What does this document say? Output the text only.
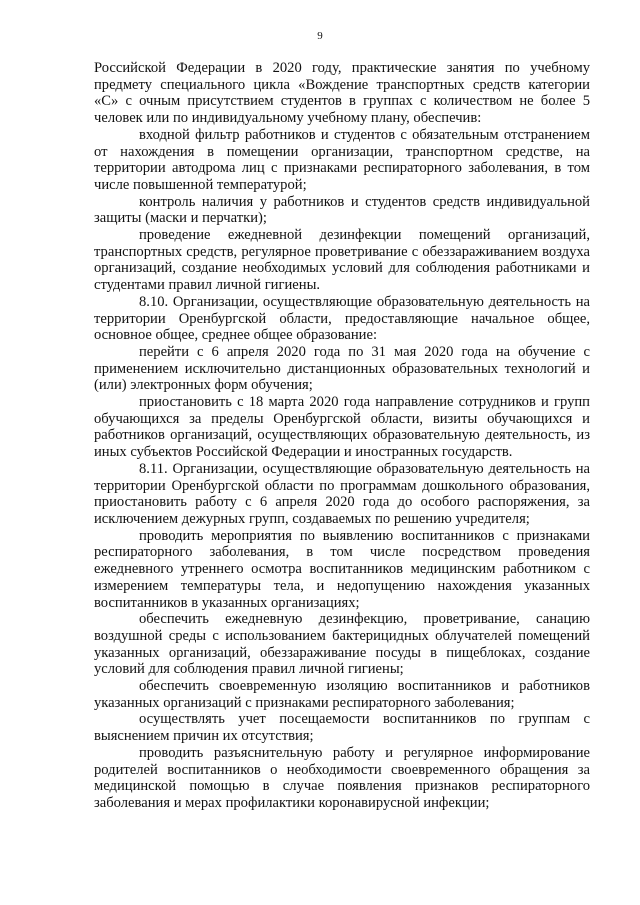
9

Российской Федерации в 2020 году, практические занятия по учебному предмету специального цикла «Вождение транспортных средств категории «С» с очным присутствием студентов в группах с количеством не более 5 человек или по индивидуальному учебному плану, обеспечив:

входной фильтр работников и студентов с обязательным отстранением от нахождения в помещении организации, транспортном средстве, на территории автодрома лиц с признаками респираторного заболевания, в том числе повышенной температурой;

контроль наличия у работников и студентов средств индивидуальной защиты (маски и перчатки);

проведение ежедневной дезинфекции помещений организаций, транспортных средств, регулярное проветривание с обеззараживанием воздуха организаций, создание необходимых условий для соблюдения работниками и студентами правил личной гигиены.

8.10. Организации, осуществляющие образовательную деятельность на территории Оренбургской области, предоставляющие начальное общее, основное общее, среднее общее образование:

перейти с 6 апреля 2020 года по 31 мая 2020 года на обучение с применением исключительно дистанционных образовательных технологий и (или) электронных форм обучения;

приостановить с 18 марта 2020 года направление сотрудников и групп обучающихся за пределы Оренбургской области, визиты обучающихся и работников организаций, осуществляющих образовательную деятельность, из иных субъектов Российской Федерации и иностранных государств.

8.11. Организации, осуществляющие образовательную деятельность на территории Оренбургской области по программам дошкольного образования, приостановить работу с 6 апреля 2020 года до особого распоряжения, за исключением дежурных групп, создаваемых по решению учредителя;

проводить мероприятия по выявлению воспитанников с признаками респираторного заболевания, в том числе посредством проведения ежедневного утреннего осмотра воспитанников медицинским работником с измерением температуры тела, и недопущению нахождения указанных воспитанников в указанных организациях;

обеспечить ежедневную дезинфекцию, проветривание, санацию воздушной среды с использованием бактерицидных облучателей помещений указанных организаций, обеззараживание посуды в пищеблоках, создание условий для соблюдения правил личной гигиены;

обеспечить своевременную изоляцию воспитанников и работников указанных организаций с признаками респираторного заболевания;

осуществлять учет посещаемости воспитанников по группам с выяснением причин их отсутствия;

проводить разъяснительную работу и регулярное информирование родителей воспитанников о необходимости своевременного обращения за медицинской помощью в случае появления признаков респираторного заболевания и мерах профилактики коронавирусной инфекции;
